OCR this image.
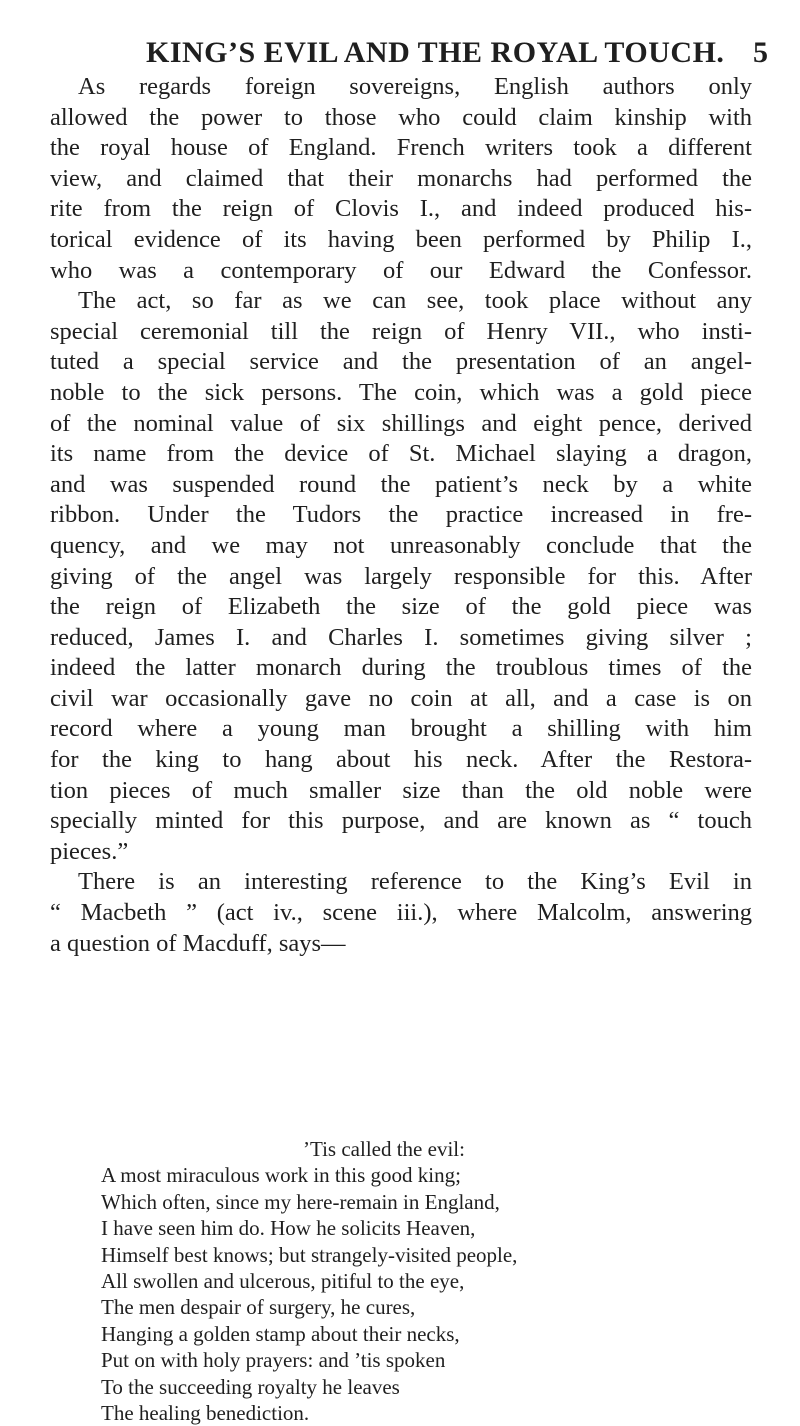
KING’S EVIL AND THE ROYAL TOUCH. 5
As regards foreign sovereigns, English authors only
allowed the power to those who could claim kinship with
the royal house of England. French writers took a different
view, and claimed that their monarchs had performed the
rite from the reign of Clovis I., and indeed produced his-
torical evidence of its having been performed by Philip I.,
who was a contemporary of our Edward the Confessor.
The act, so far as we can see, took place without any
special ceremonial till the reign of Henry VII., who insti-
tuted a special service and the presentation of an angel-
noble to the sick persons. The coin, which was a gold piece
of the nominal value of six shillings and eight pence, derived
its name from the device of St. Michael slaying a dragon,
and was suspended round the patient’s neck by a white
ribbon. Under the Tudors the practice increased in fre-
quency, and we may not unreasonably conclude that the
giving of the angel was largely responsible for this. After
the reign of Elizabeth the size of the gold piece was
reduced, James I. and Charles I. sometimes giving silver ;
indeed the latter monarch during the troublous times of the
civil war occasionally gave no coin at all, and a case is on
record where a young man brought a shilling with him
for the king to hang about his neck. After the Restora-
tion pieces of much smaller size than the old noble were
specially minted for this purpose, and are known as “ touch
pieces.”
There is an interesting reference to the King’s Evil in
“ Macbeth ” (act iv., scene iii.), where Malcolm, answering
a question of Macduff, says—
’Tis called the evil:
A most miraculous work in this good king;
Which often, since my here-remain in England,
I have seen him do. How he solicits Heaven,
Himself best knows; but strangely-visited people,
All swollen and ulcerous, pitiful to the eye,
The men despair of surgery, he cures,
Hanging a golden stamp about their necks,
Put on with holy prayers: and ’tis spoken
To the succeeding royalty he leaves
The healing benediction.
